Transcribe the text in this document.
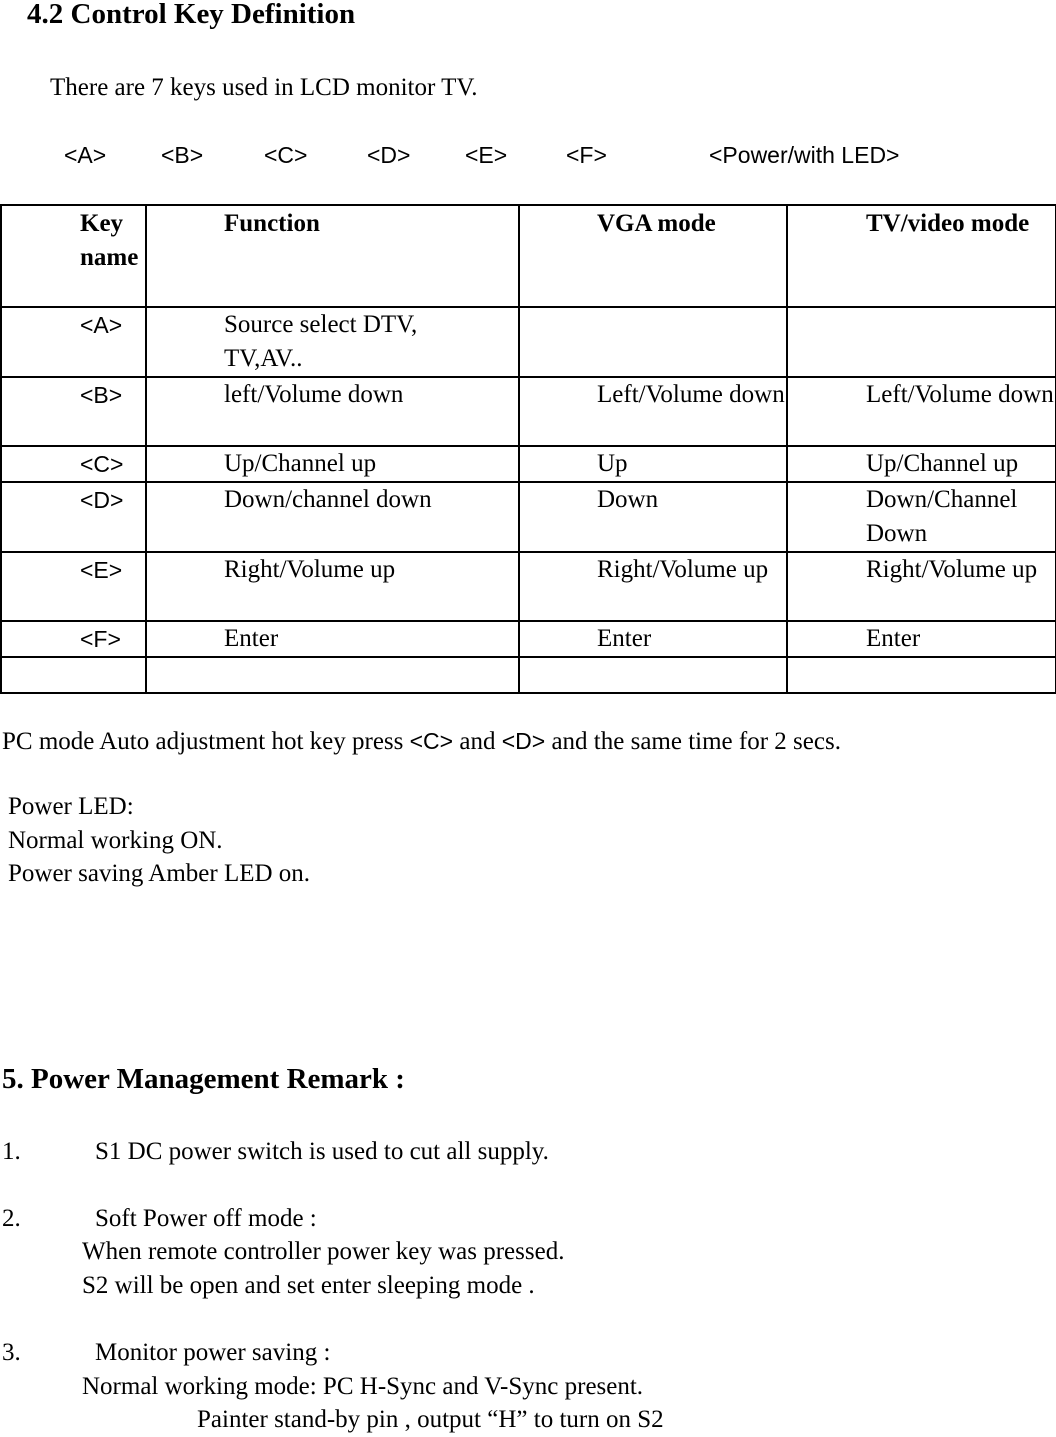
4.2 Control Key Definition
There are 7 keys used in LCD monitor TV.
<A> <B>	<C>	<D> <E>	<F>	<Power/with LED>
Key name	Function	VGA mode	TV/video mode
<A>	Source select DTV, TV,AV..		
<B>	left/Volume down	Left/Volume down	Left/Volume down
<C>	Up/Channel up	Up	Up/Channel up
<D>	Down/channel down	Down	Down/Channel Down
<E>	Right/Volume up	Right/Volume up	Right/Volume up
<F>	Enter	Enter	Enter

PC mode Auto adjustment hot key press <C> and <D> and the same time for 2 secs.
Power LED:
Normal working ON.
Power saving Amber LED on.
5. Power Management Remark :
1.	S1 DC power switch is used to cut all supply.
2.	Soft Power off mode :
When remote controller power key was pressed.
S2 will be open and set enter sleeping mode .
3.	Monitor power saving :
Normal working mode: PC H-Sync and V-Sync present.
Painter stand-by pin , output “H” to turn on S2
